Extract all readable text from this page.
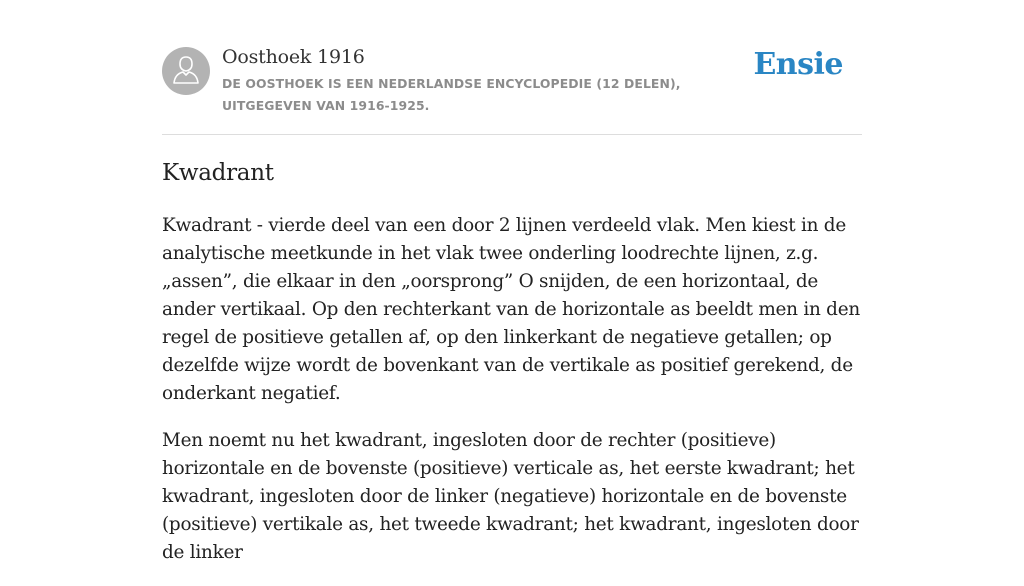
Oosthoek 1916
DE OOSTHOEK IS EEN NEDERLANDSE ENCYCLOPEDIE (12 DELEN), UITGEGEVEN VAN 1916-1925.
Ensie
Kwadrant

Kwadrant - vierde deel van een door 2 lijnen verdeeld vlak. Men kiest in de analytische meetkunde in het vlak twee onderling loodrechte lijnen, z.g. „assen”, die elkaar in den „oorsprong” O snijden, de een horizontaal, de ander vertikaal. Op den rechterkant van de horizontale as beeldt men in den regel de positieve getallen af, op den linkerkant de negatieve getallen; op dezelfde wijze wordt de bovenkant van de vertikale as positief gerekend, de onderkant negatief.

Men noemt nu het kwadrant, ingesloten door de rechter (positieve) horizontale en de bovenste (positieve) verticale as, het eerste kwadrant; het kwadrant, ingesloten door de linker (negatieve) horizontale en de bovenste (positieve) vertikale as, het tweede kwadrant; het kwadrant, ingesloten door de linker
